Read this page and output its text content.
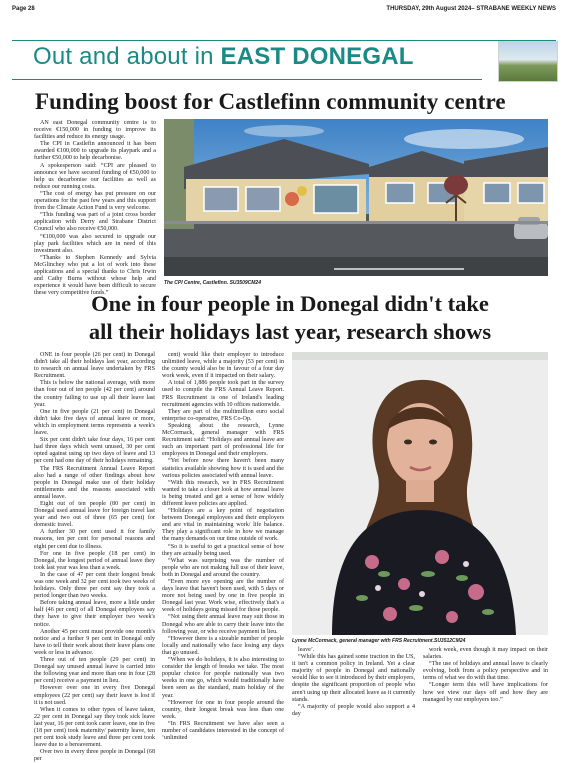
Page 28	THURSDAY, 29th August 2024– STRABANE WEEKLY NEWS
Out and about in EAST DONEGAL
Funding boost for Castlefinn community centre

AN east Donegal community centre is to receive €150,000 in funding to improve its facilities and reduce its energy usage.

The CPI in Castlefin announced it has been awarded €100,000 to upgrade its playpark and a further €50,000 to help decarbonise.

A spokesperson said: “CPI are pleased to announce we have secured funding of €50,000 to help us decarbonise our facilities as well as reduce our running costs.

“The cost of energy has put pressure on our operations for the past few years and this support from the Climate Action Fund is very welcome.

“This funding was part of a joint cross border application with Derry and Strabane District Council who also receive €50,000.

“€100,000 was also secured to upgrade our play park facilities which are in need of this investment also.

“Thanks to Stephen Kennedy and Sylvia McGlinchey who put a lot of work into these applications and a special thanks to Chris Irwin and Cathy Burns without whose help and experience it would have been difficult to secure these very competitive funds.”

The CPI Centre, Castlefinn. SU3509CM24
One in four people in Donegal didn't take
all their holidays last year, research shows

ONE in four people (26 per cent) in Donegal didn't take all their holidays last year, according to research on annual leave undertaken by FRS Recruitment.

This is below the national average, with more than four out of ten people (42 per cent) around the country failing to use up all their leave last year.

One in five people (21 per cent) in Donegal didn't take five days of annual leave or more, which in employment terms represents a week's leave.

Six per cent didn't take four days, 16 per cent had three days which went unused, 30 per cent opted against using up two days of leave and 13 per cent had one day of their holidays remaining.

The FRS Recruitment Annual Leave Report also had a range of other findings about how people in Donegal make use of their holiday entitlements and the reasons associated with annual leave.

Eight out of ten people (80 per cent) in Donegal used annual leave for foreign travel last year and two out of three (65 per cent) for domestic travel.

A further 30 per cent used it for family reasons, ten per cent for personal reasons and eight per cent due to illness.

For one in five people (18 per cent) in Donegal, the longest period of annual leave they took last year was less than a week.

In the case of 47 per cent their longest break was one week and 32 per cent took two weeks of holidays. Only three per cent say they took a period longer than two weeks.

Before taking annual leave, more a little under half (46 per cent) of all Donegal employees say they have to give their employer two week's notice.

Another 45 per cent must provide one month's notice and a further 9 per cent in Donegal only have to tell their work about their leave plans one week or less in advance.

Three out of ten people (29 per cent) in Donegal say unused annual leave is carried into the following year and more than one in four (28 per cent) receive a payment in lieu.

However over one in every five Donegal employees (22 per cent) say their leave is lost if it is not used.

When it comes to other types of leave taken, 22 per cent in Donegal say they took sick leave last year, 16 per cent took carer leave, one in five (18 per cent) took maternity/ paternity leave, ten per cent took study leave and three per cent took leave due to a bereavement.

Over two in every three people in Donegal (68 per

cent) would like their employer to introduce unlimited leave, while a majority (53 per cent) in the county would also be in favour of a four day work week, even if it impacted on their salary.

A total of 1,886 people took part in the survey used to compile the FRS Annual Leave Report. FRS Recruitment is one of Ireland's leading recruitment agencies with 10 offices nationwide.

They are part of the multimillion euro social enterprise co-operative, FRS Co-Op.

Speaking about the research, Lynne McCormack, general manager with FRS Recruitment said: “Holidays and annual leave are such an important part of professional life for employees in Donegal and their employers.

“Yet before now there haven't been many statistics available showing how it is used and the various policies associated with annual leave.

“With this research, we in FRS Recruitment wanted to take a closer look at how annual leave is being treated and get a sense of how widely different leave policies are applied.

“Holidays are a key point of negotiation between Donegal employees and their employers and are vital in maintaining work/ life balance. They play a significant role in how we manage the many demands on our time outside of work.

“So it is useful to get a practical sense of how they are actually being used.

“What was surprising was the number of people who are not making full use of their leave, both in Donegal and around the country.

“Even more eye opening are the number of days leave that haven't been used, with 5 days or more not being used by one in five people in Donegal last year. Work wise, effectively that's a week of holidays going missed for those people.

“Not using their annual leave may suit those in Donegal who are able to carry their leave into the following year, or who receive payment in lieu.

“However there is a sizeable number of people locally and nationally who face losing any days that go unused.

“When we do holidays, it is also interesting to consider the length of breaks we take. The most popular choice for people nationally was two weeks in one go, which would traditionally have been seen as the standard, main holiday of the year.

“However for one in four people around the country, their longest break was less than one week.

“In FRS Recruitment we have also seen a number of candidates interested in the concept of ‘unlimited

Lynne McCormack, general manager with FRS Recruitment.SU3512CM24

leave’.

“While this has gained some traction in the US, it isn't a common policy in Ireland. Yet a clear majority of people in Donegal and nationally would like to see it introduced by their employers, despite the significant proportion of people who aren't using up their allocated leave as it currently stands.

“A majority of people would also support a 4 day

work week, even though it may impact on their salaries.

“The use of holidays and annual leave is clearly evolving, both from a policy perspective and in terms of what we do with that time.

“Longer term this will have implications for how we view our days off and how they are managed by our employers too.”
